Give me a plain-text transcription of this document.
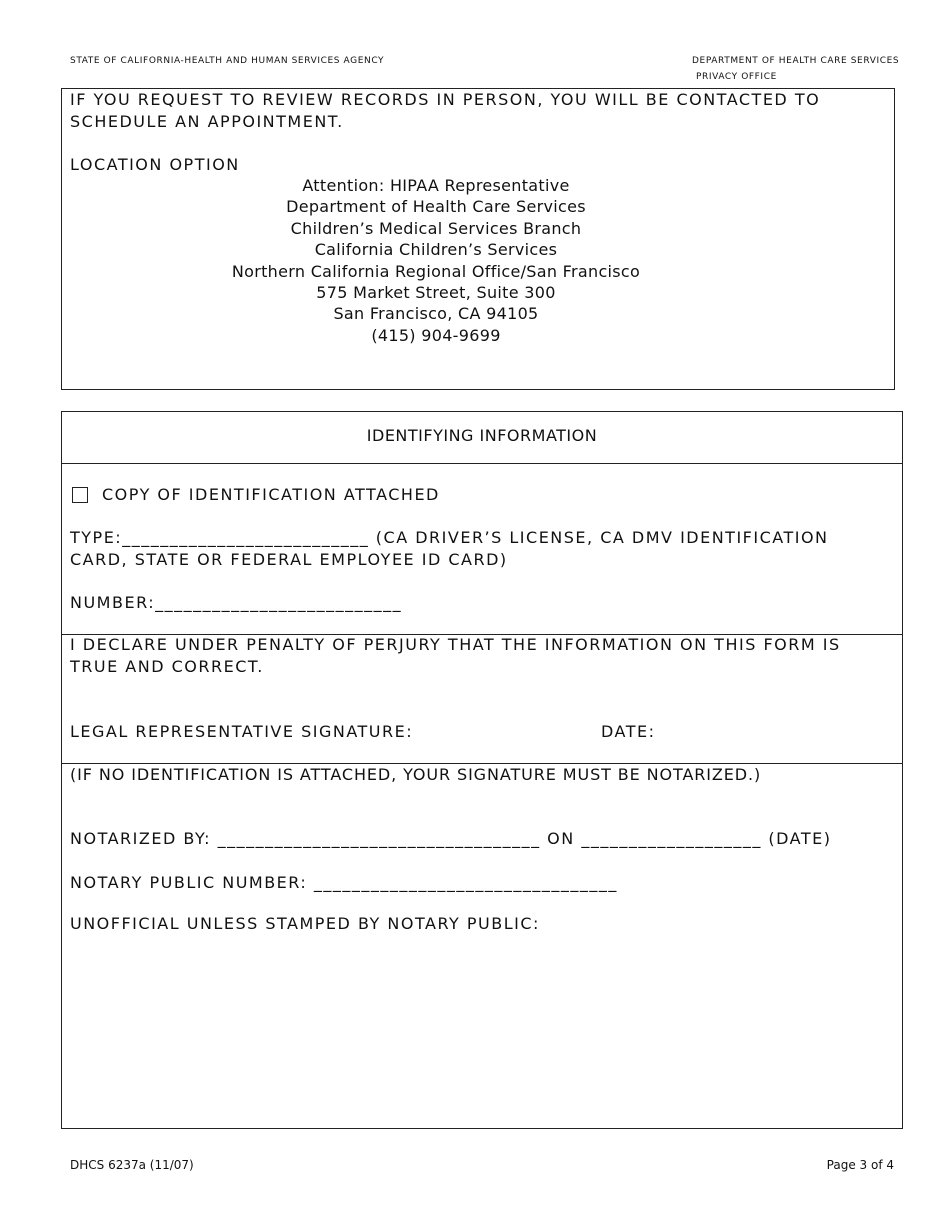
STATE OF CALIFORNIA-HEALTH AND HUMAN SERVICES AGENCY	DEPARTMENT OF HEALTH CARE SERVICES
PRIVACY OFFICE
IF YOU REQUEST TO REVIEW RECORDS IN PERSON, YOU WILL BE CONTACTED TO
SCHEDULE AN APPOINTMENT.
LOCATION OPTION
Attention: HIPAA Representative
Department of Health Care Services
Children’s Medical Services Branch
California Children’s Services
Northern California Regional Office/San Francisco
575 Market Street, Suite 300
San Francisco, CA 94105
(415) 904-9699
IDENTIFYING INFORMATION
COPY OF IDENTIFICATION ATTACHED
TYPE:__________________________ (CA DRIVER’S LICENSE, CA DMV IDENTIFICATION
CARD, STATE OR FEDERAL EMPLOYEE ID CARD)
NUMBER:__________________________
I DECLARE UNDER PENALTY OF PERJURY THAT THE INFORMATION ON THIS FORM IS
TRUE AND CORRECT.
LEGAL REPRESENTATIVE SIGNATURE:	DATE:
(IF NO IDENTIFICATION IS ATTACHED, YOUR SIGNATURE MUST BE NOTARIZED.)
NOTARIZED BY: __________________________________ ON ___________________ (DATE)
NOTARY PUBLIC NUMBER: ________________________________
UNOFFICIAL UNLESS STAMPED BY NOTARY PUBLIC:
DHCS 6237a (11/07)	Page 3 of 4
